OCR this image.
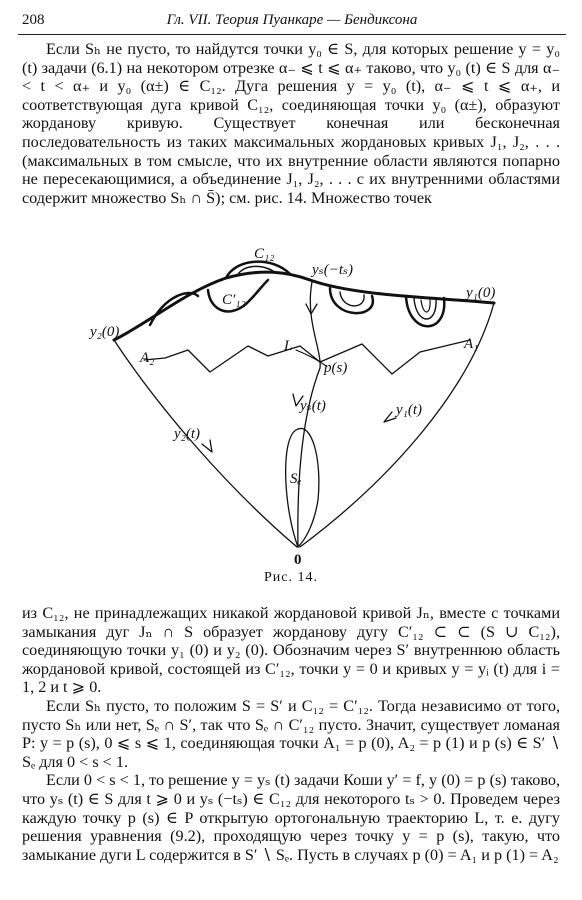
208	Гл. VII. Теория Пуанкаре — Бендиксона

Если Sₕ не пусто, то найдутся точки y₀ ∈ S, для которых решение y = y₀ (t) задачи (6.1) на некотором отрезке α₋ ⩽ t ⩽ α₊ таково, что y₀ (t) ∈ S для α₋ < t < α₊ и y₀ (α±) ∈ C₁₂. Дуга решения y = y₀ (t), α₋ ⩽ t ⩽ α₊, и соответствующая дуга кривой C₁₂, соединяющая точки y₀ (α±), образуют жорданову кривую. Существует конечная или бесконечная последовательность из таких максимальных жордановых кривых J₁, J₂, . . . (максимальных в том смысле, что их внутренние области являются попарно не пересекающимися, а объединение J₁, J₂, . . . с их внутренними областями содержит множество Sₕ ∩ S̄); см. рис. 14. Множество точек

C₁₂
C′₁₂
yₛ(−tₛ)
y₁(0)
y₂(0)
A₂
A₁
L
p(s)
yₛ(t)	y₁(t)
y₂(t)
Sₑ
0
Рис. 14.

из C₁₂, не принадлежащих никакой жордановой кривой Jₙ, вместе с точками замыкания дуг Jₙ ∩ S образует жорданову дугу C′₁₂ ⊂ ⊂ (S ∪ C₁₂), соединяющую точки y₁ (0) и y₂ (0). Обозначим через S′ внутреннюю область жордановой кривой, состоящей из C′₁₂, точки y = 0 и кривых y = yᵢ (t) для i = 1, 2 и t ⩾ 0.

Если Sₕ пусто, то положим S = S′ и C₁₂ = C′₁₂. Тогда независимо от того, пусто Sₕ или нет, Sₑ ∩ S′, так что Sₑ ∩ C′₁₂ пусто. Значит, существует ломаная P: y = p (s), 0 ⩽ s ⩽ 1, соединяющая точки A₁ = p (0), A₂ = p (1) и p (s) ∈ S′ ∖ Sₑ для 0 < s < 1.

Если 0 < s < 1, то решение y = yₛ (t) задачи Коши y′ = f, y (0) = p (s) таково, что yₛ (t) ∈ S для t ⩾ 0 и yₛ (−tₛ) ∈ C₁₂ для некоторого tₛ > 0. Проведем через каждую точку p (s) ∈ P открытую ортогональную траекторию L, т. е. дугу решения уравнения (9.2), проходящую через точку y = p (s), такую, что замыкание дуги L содержится в S′ ∖ Sₑ. Пусть в случаях p (0) = A₁ и p (1) = A₂
